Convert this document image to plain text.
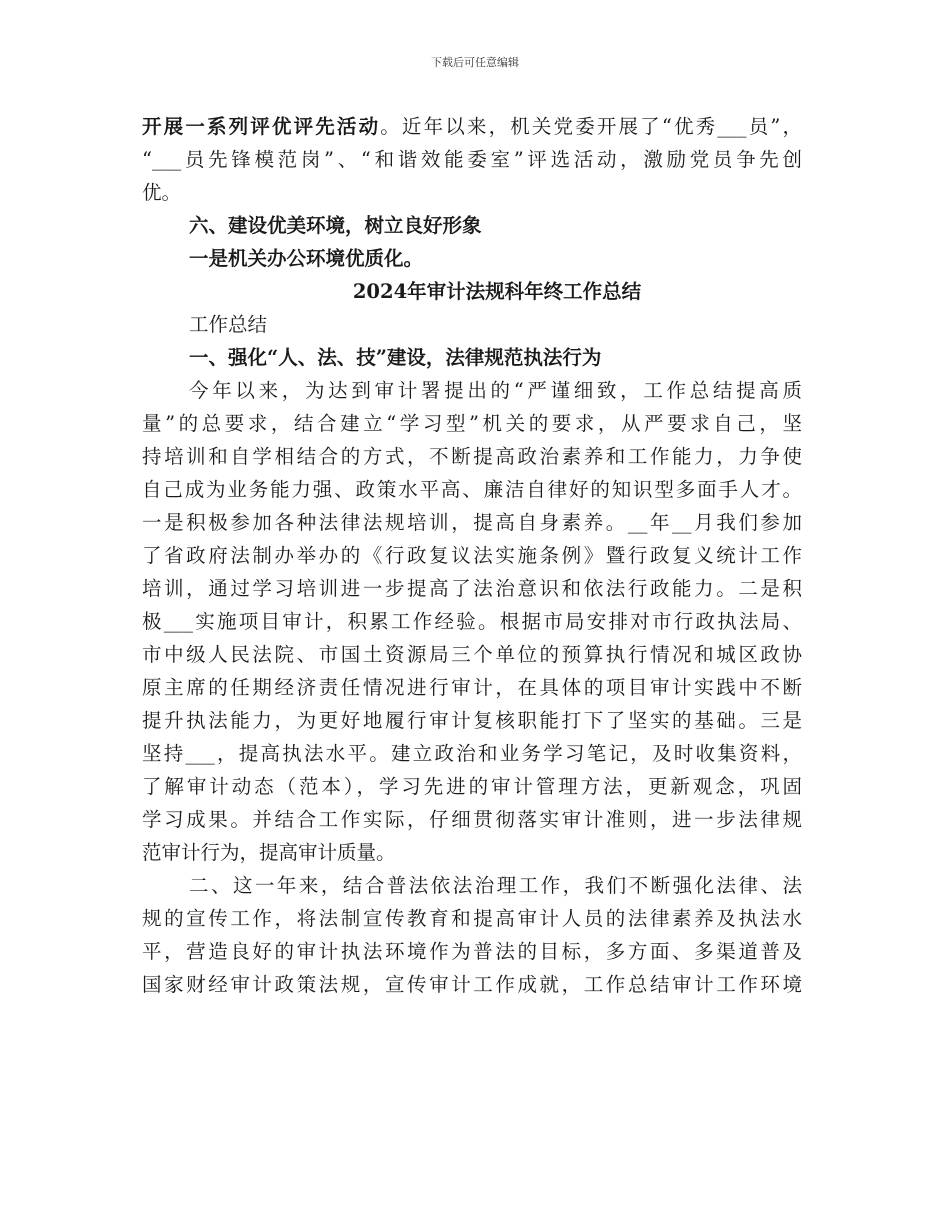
下载后可任意编辑
开展一系列评优评先活动。近年以来，机关党委开展了“优秀___员”，
“___员先锋模范岗”、“和谐效能委室”评选活动，激励党员争先创
优。
六、建设优美环境，树立良好形象
一是机关办公环境优质化。
2024年审计法规科年终工作总结
工作总结
一、强化“人、法、技”建设，法律规范执法行为
今年以来，为达到审计署提出的“严谨细致，工作总结提高质
量”的总要求，结合建立“学习型”机关的要求，从严要求自己，坚
持培训和自学相结合的方式，不断提高政治素养和工作能力，力争使
自己成为业务能力强、政策水平高、廉洁自律好的知识型多面手人才。
一是积极参加各种法律法规培训，提高自身素养。__年__月我们参加
了省政府法制办举办的《行政复议法实施条例》暨行政复义统计工作
培训，通过学习培训进一步提高了法治意识和依法行政能力。二是积
极___实施项目审计，积累工作经验。根据市局安排对市行政执法局、
市中级人民法院、市国土资源局三个单位的预算执行情况和城区政协
原主席的任期经济责任情况进行审计，在具体的项目审计实践中不断
提升执法能力，为更好地履行审计复核职能打下了坚实的基础。三是
坚持___，提高执法水平。建立政治和业务学习笔记，及时收集资料，
了解审计动态（范本），学习先进的审计管理方法，更新观念，巩固
学习成果。并结合工作实际，仔细贯彻落实审计准则，进一步法律规
范审计行为，提高审计质量。
二、这一年来，结合普法依法治理工作，我们不断强化法律、法
规的宣传工作，将法制宣传教育和提高审计人员的法律素养及执法水
平，营造良好的审计执法环境作为普法的目标，多方面、多渠道普及
国家财经审计政策法规，宣传审计工作成就，工作总结审计工作环境
